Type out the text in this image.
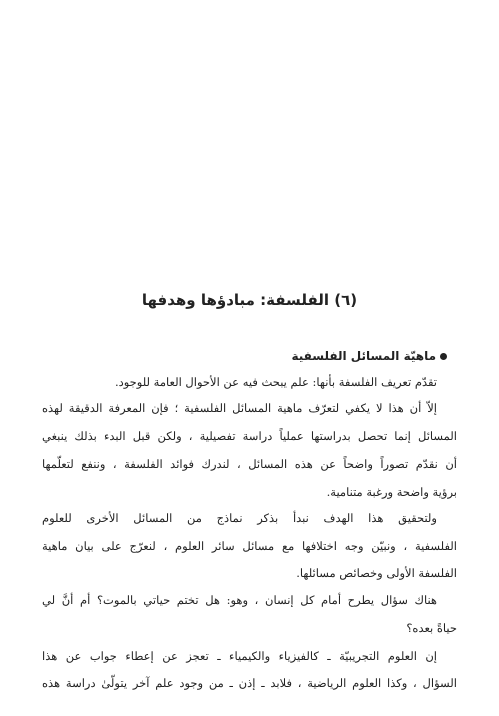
(٦) الفلسفة: مبادؤها وهدفها
ماهيّة المسائل الفلسفية

تقدّم تعريف الفلسفة بأنها: علم يبحث فيه عن الأحوال العامة للوجود.

إلاّ أن هذا لا يكفي لتعرّف ماهية المسائل الفلسفية ؛ فإن المعرفة الدقيقة لهذه

المسائل إنما تحصل بدراستها عملياً دراسة تفصيلية ، ولكن قبل البدء بذلك ينبغي

أن نقدّم تصوراً واضحاً عن هذه المسائل ، لندرك فوائد الفلسفة ، وننفع لتعلّمها

برؤية واضحة ورغبة متنامية.

ولتحقيق هذا الهدف نبدأ بذكر نماذج من المسائل الأخرى للعلوم

الفلسفية ، ونبيّن وجه اختلافها مع مسائل سائر العلوم ، لنعرّج على بيان ماهية

الفلسفة الأولى وخصائص مسائلها.

هناك سؤال يطرح أمام كل إنسان ، وهو: هل تختم حياتي بالموت؟ أم أنَّ لي

حياةً بعده؟

إن العلوم التجريبيّة ـ كالفيزياء والكيمياء ـ تعجز عن إعطاء جواب عن هذا

السؤال ، وكذا العلوم الرياضية ، فلابد ـ إذن ـ من وجود علم آخر يتولّىٰ دراسة هذه
